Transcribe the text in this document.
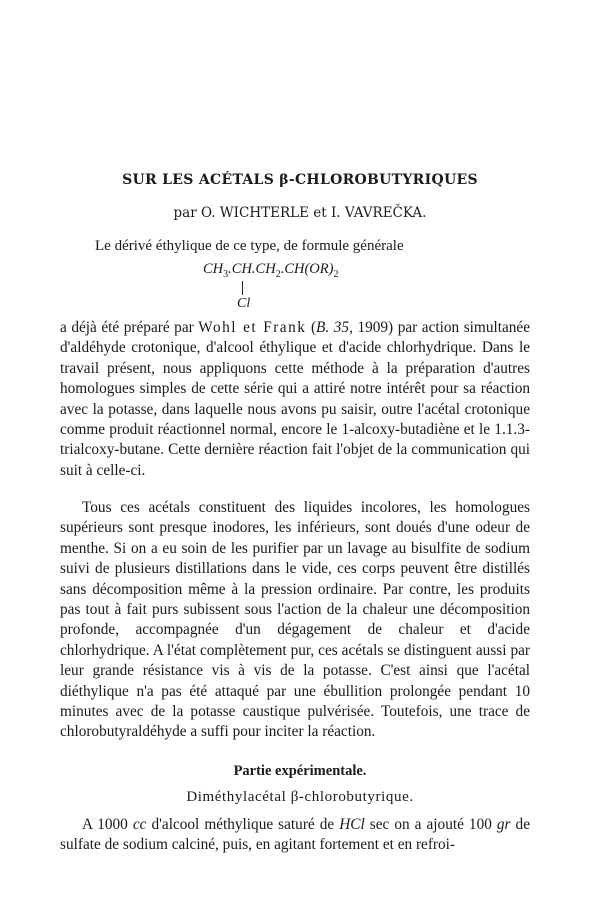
SUR LES ACÉTALS β-CHLOROBUTYRIQUES
par O. WICHTERLE et I. VAVREČKA.
Le dérivé éthylique de ce type, de formule générale
$CH_3.CH.CH_2.CH(OR)_2$
Cl

a déjà été préparé par Wohl et Frank (B. 35, 1909) par action simultanée d'aldéhyde crotonique, d'alcool éthylique et d'acide chlorhydrique. Dans le travail présent, nous appliquons cette méthode à la préparation d'autres homologues simples de cette série qui a attiré notre intérêt pour sa réaction avec la potasse, dans laquelle nous avons pu saisir, outre l'acétal crotonique comme produit réactionnel normal, encore le 1-alcoxy-butadiène et le 1.1.3-trialcoxy-butane. Cette dernière réaction fait l'objet de la communication qui suit à celle-ci.

Tous ces acétals constituent des liquides incolores, les homologues supérieurs sont presque inodores, les inférieurs, sont doués d'une odeur de menthe. Si on a eu soin de les purifier par un lavage au bisulfite de sodium suivi de plusieurs distillations dans le vide, ces corps peuvent être distillés sans décomposition même à la pression ordinaire. Par contre, les produits pas tout à fait purs subissent sous l'action de la chaleur une décomposition profonde, accompagnée d'un dégagement de chaleur et d'acide chlorhydrique. A l'état complètement pur, ces acétals se distinguent aussi par leur grande résistance vis à vis de la potasse. C'est ainsi que l'acétal diéthylique n'a pas été attaqué par une ébullition prolongée pendant 10 minutes avec de la potasse caustique pulvérisée. Toutefois, une trace de chlorobutyraldéhyde a suffi pour inciter la réaction.

Partie expérimentale.
Diméthylacétal β-chlorobutyrique.

A 1000 cc d'alcool méthylique saturé de HCl sec on a ajouté 100 gr de sulfate de sodium calciné, puis, en agitant fortement et en refroi-
